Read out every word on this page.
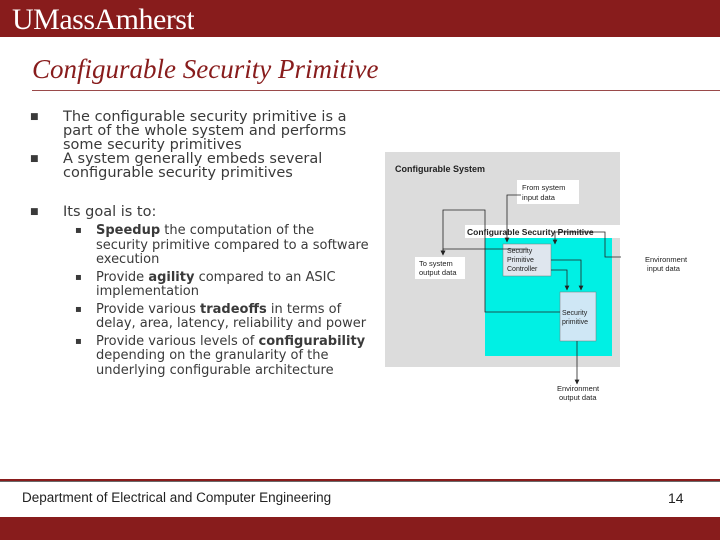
UMassAmherst
Configurable Security Primitive
■ The configurable security primitive is a part of the whole system and performs some security primitives
■ A system generally embeds several configurable security primitives
■ Its goal is to:
▪ Speedup the computation of the security primitive compared to a software execution
▪ Provide agility compared to an ASIC implementation
▪ Provide various tradeoffs in terms of delay, area, latency, reliability and power
▪ Provide various levels of configurability depending on the granularity of the underlying configurable architecture
Configurable System
From system
input data
Configurable Security Primitive
Security
Primitive
Controller
Security
primitive
To system
output data
Environment
input data
Environment
output data
Department of Electrical and Computer Engineering	14
